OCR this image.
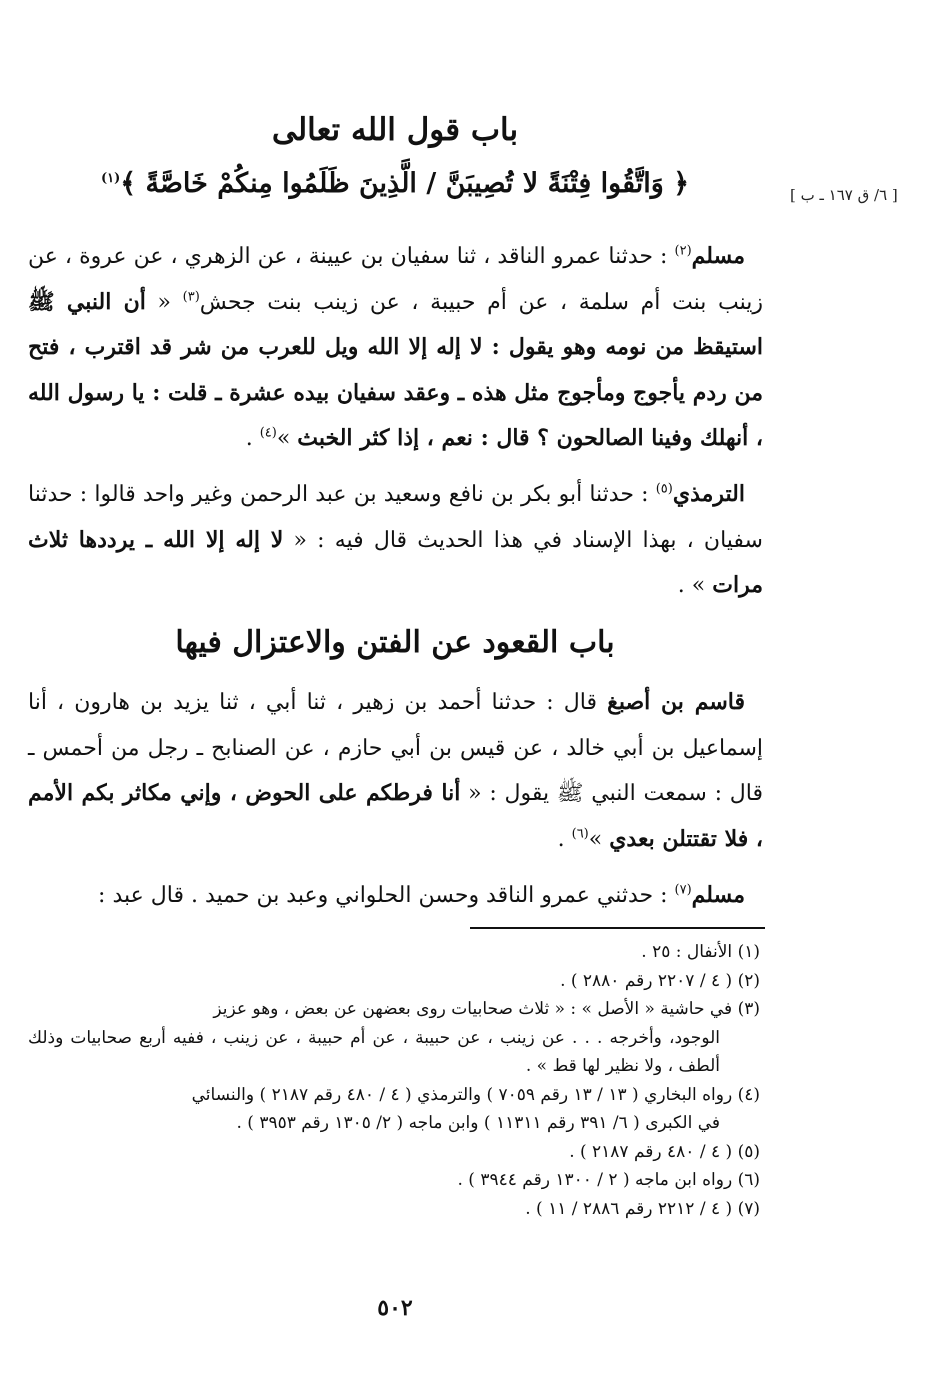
[ ٦/ ق ١٦٧ ـ ب ]
باب قول الله تعالى
﴿ وَاتَّقُوا فِتْنَةً لا تُصِيبَنَّ / الَّذِينَ ظَلَمُوا مِنكُمْ خَاصَّةً ﴾$^{(١)}$
مسلم$^{(٢)}$ : حدثنا عمرو الناقد ، ثنا سفيان بن عيينة ، عن الزهري ، عن عروة ، عن زينب بنت أم سلمة ، عن أم حبيبة ، عن زينب بنت جحش$^{(٣)}$ « أن النبي ﷺ استيقظ من نومه وهو يقول : لا إله إلا الله ويل للعرب من شر قد اقترب ، فتح من ردم يأجوج ومأجوج مثل هذه ـ وعقد سفيان بيده عشرة ـ قلت : يا رسول الله ، أنهلك وفينا الصالحون ؟ قال : نعم ، إذا كثر الخبث »$^{(٤)}$ .
الترمذي$^{(٥)}$ : حدثنا أبو بكر بن نافع وسعيد بن عبد الرحمن وغير واحد قالوا : حدثنا سفيان ، بهذا الإسناد في هذا الحديث قال فيه : « لا إله إلا الله ـ يرددها ثلاث مرات » .
باب القعود عن الفتن والاعتزال فيها
قاسم بن أصبغ قال : حدثنا أحمد بن زهير ، ثنا أبي ، ثنا يزيد بن هارون ، أنا إسماعيل بن أبي خالد ، عن قيس بن أبي حازم ، عن الصنابح ـ رجل من أحمس ـ قال : سمعت النبي ﷺ يقول : « أنا فرطكم على الحوض ، وإني مكاثر بكم الأمم ، فلا تقتتلن بعدي »$^{(٦)}$ .
مسلم$^{(٧)}$ : حدثني عمرو الناقد وحسن الحلواني وعبد بن حميد . قال عبد :

(١) الأنفال : ٢٥ .

(٢) ( ٤ / ٢٢٠٧ رقم ٢٨٨٠ ) .

(٣) في حاشية « الأصل » : « ثلاث صحابيات روى بعضهن عن بعض ، وهو عزيز
الوجود، وأخرجه . . . عن زينب ، عن حبيبة ، عن أم حبيبة ، عن زينب ، ففيه أربع صحابيات وذلك ألطف ، ولا نظير لها قط » .

(٤) رواه البخاري ( ١٣ / ١٣ رقم ٧٠٥٩ ) والترمذي ( ٤ / ٤٨٠ رقم ٢١٨٧ ) والنسائي
في الكبرى ( ٦/ ٣٩١ رقم ١١٣١١ ) وابن ماجه ( ٢/ ١٣٠٥ رقم ٣٩٥٣ ) .

(٥) ( ٤ / ٤٨٠ رقم ٢١٨٧ ) .

(٦) رواه ابن ماجه ( ٢ / ١٣٠٠ رقم ٣٩٤٤ ) .

(٧) ( ٤ / ٢٢١٢ رقم ٢٨٨٦ / ١١ ) .

٥٠٢
